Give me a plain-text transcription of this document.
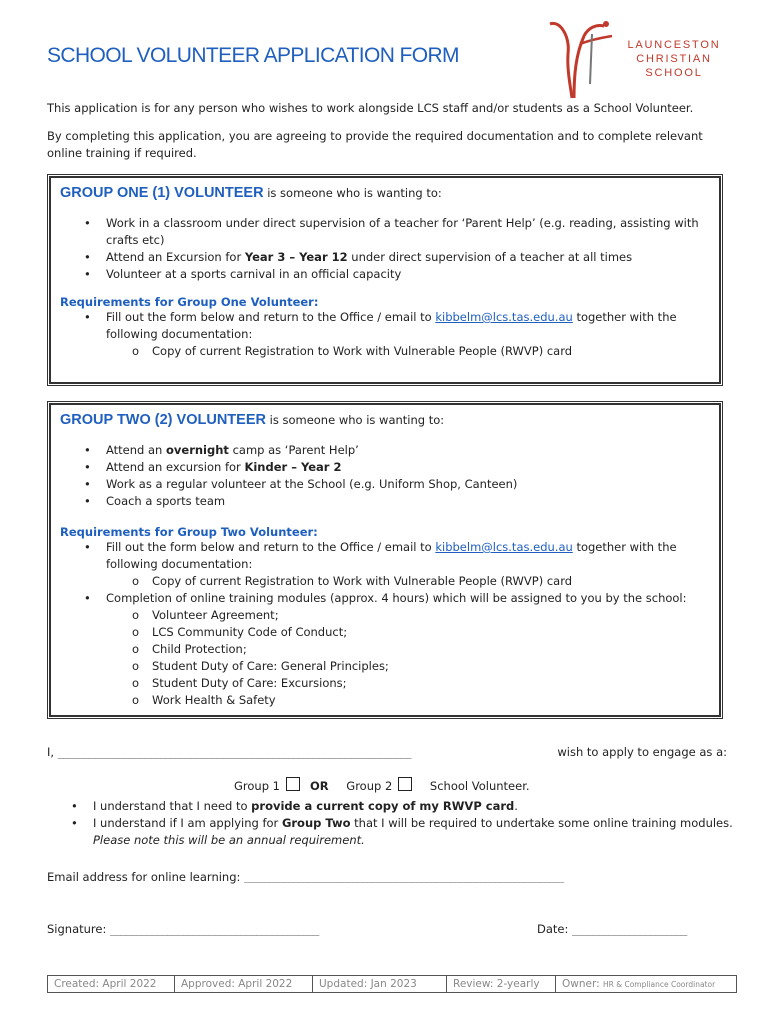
SCHOOL VOLUNTEER APPLICATION FORM	LAUNCESTON
CHRISTIAN
SCHOOL
This application is for any person who wishes to work alongside LCS staff and/or students as a School Volunteer.
By completing this application, you are agreeing to provide the required documentation and to complete relevant online training if required.
GROUP ONE (1) VOLUNTEER is someone who is wanting to:
• Work in a classroom under direct supervision of a teacher for ‘Parent Help’ (e.g. reading, assisting with crafts etc)
• Attend an Excursion for Year 3 – Year 12 under direct supervision of a teacher at all times
• Volunteer at a sports carnival in an official capacity
Requirements for Group One Volunteer:
• Fill out the form below and return to the Office / email to kibbelm@lcs.tas.edu.au together with the following documentation:
o Copy of current Registration to Work with Vulnerable People (RWVP) card
GROUP TWO (2) VOLUNTEER is someone who is wanting to:
• Attend an overnight camp as ‘Parent Help’
• Attend an excursion for Kinder – Year 2
• Work as a regular volunteer at the School (e.g. Uniform Shop, Canteen)
• Coach a sports team
Requirements for Group Two Volunteer:
• Fill out the form below and return to the Office / email to kibbelm@lcs.tas.edu.au together with the following documentation:
o Copy of current Registration to Work with Vulnerable People (RWVP) card
• Completion of online training modules (approx. 4 hours) which will be assigned to you by the school:
o Volunteer Agreement;
o LCS Community Code of Conduct;
o Child Protection;
o Student Duty of Care: General Principles;
o Student Duty of Care: Excursions;
o Work Health & Safety
I, _____________________________________________________________________	wish to apply to engage as a:
Group 1	OR Group 2	School Volunteer.
• I understand that I need to provide a current copy of my RWVP card.
• I understand if I am applying for Group Two that I will be required to undertake some online training modules. Please note this will be an annual requirement.
Email address for online learning: _________________________________________________________________
Signature: ________________________________________	Date: ______________________
Created: April 2022	Approved: April 2022	Updated: Jan 2023	Review: 2-yearly	Owner: HR & Compliance Coordinator
